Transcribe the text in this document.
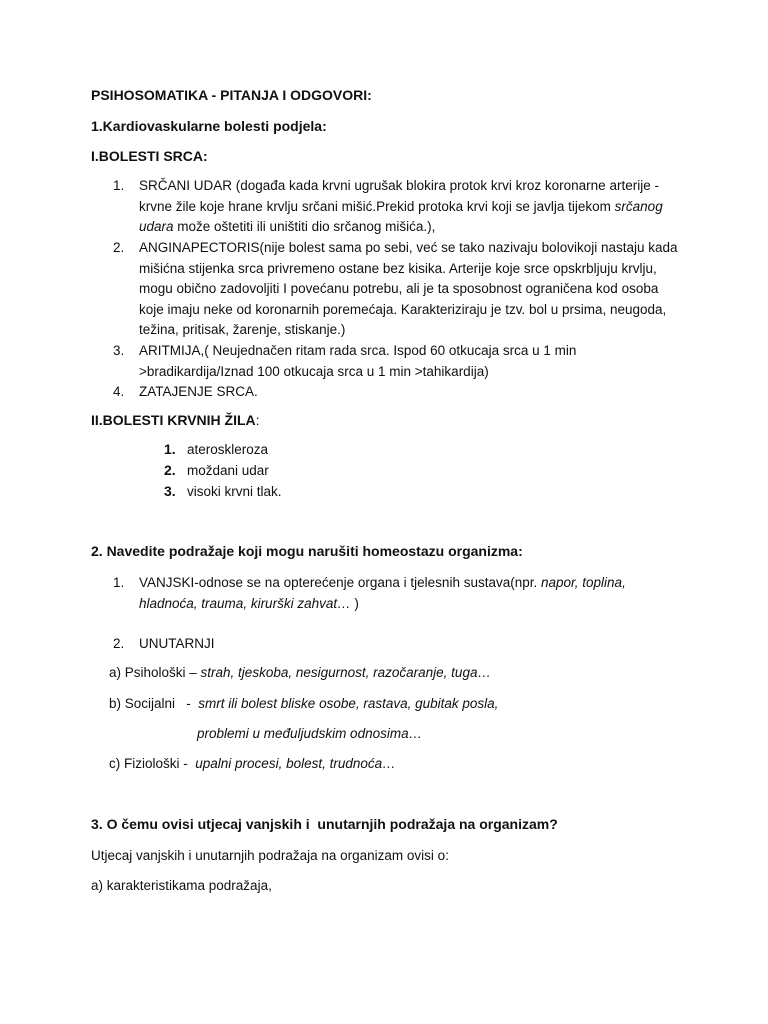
PSIHOSOMATIKA - PITANJA I ODGOVORI:
1.Kardiovaskularne bolesti podjela:
I.BOLESTI SRCA:
1. SRČANI UDAR (događa kada krvni ugrušak blokira protok krvi kroz koronarne arterije - krvne žile koje hrane krvlju srčani mišić.Prekid protoka krvi koji se javlja tijekom srčanog udara može oštetiti ili uništiti dio srčanog mišića.),
2. ANGINAPECTORIS(nije bolest sama po sebi, već se tako nazivaju bolovikoji nastaju kada mišićna stijenka srca privremeno ostane bez kisika. Arterije koje srce opskrbljuju krvlju, mogu obično zadovoljiti I povećanu potrebu, ali je ta sposobnost ograničena kod osoba koje imaju neke od koronarnih poremećaja. Karakteriziraju je tzv. bol u prsima, neugoda, težina, pritisak, žarenje, stiskanje.)
3. ARITMIJA,( Neujednačen ritam rada srca. Ispod 60 otkucaja srca u 1 min >bradikardija/Iznad 100 otkucaja srca u 1 min >tahikardija)
4. ZATAJENJE SRCA.
II.BOLESTI KRVNIH ŽILA:
1. ateroskleroza
2. moždani udar
3. visoki krvni tlak.
2. Navedite podražaje koji mogu narušiti homeostazu organizma:
1. VANJSKI-odnose se na opterećenje organa i tjelesnih sustava(npr. napor, toplina, hladnoća, trauma, kirurški zahvat… )
2. UNUTARNJI
a) Psihološki – strah, tjeskoba, nesigurnost, razočaranje, tuga…
b) Socijalni   -  smrt ili bolest bliske osobe, rastava, gubitak posla,
problemi u međuljudskim odnosima…
c) Fiziološki -  upalni procesi, bolest, trudnoća…
3. O čemu ovisi utjecaj vanjskih i  unutarnjih podražaja na organizam?
Utjecaj vanjskih i unutarnjih podražaja na organizam ovisi o:
a) karakteristikama podražaja,
